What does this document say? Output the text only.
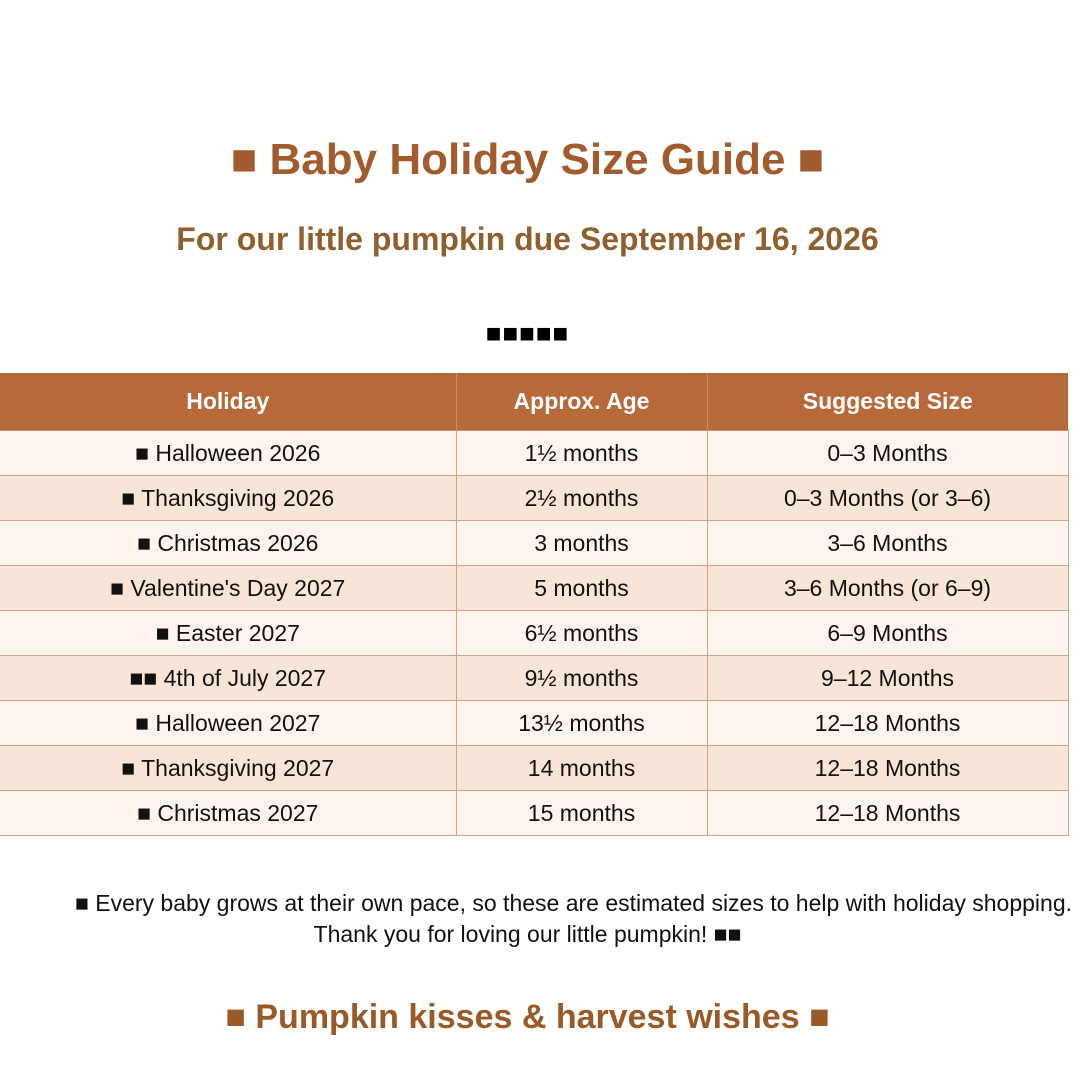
■ Baby Holiday Size Guide ■
For our little pumpkin due September 16, 2026
■■■■■
Holiday	Approx. Age	Suggested Size
■ Halloween 2026	1½ months	0–3 Months
■ Thanksgiving 2026	2½ months	0–3 Months (or 3–6)
■ Christmas 2026	3 months	3–6 Months
■ Valentine's Day 2027	5 months	3–6 Months (or 6–9)
■ Easter 2027	6½ months	6–9 Months
■■ 4th of July 2027	9½ months	9–12 Months
■ Halloween 2027	13½ months	12–18 Months
■ Thanksgiving 2027	14 months	12–18 Months
■ Christmas 2027	15 months	12–18 Months
■ Every baby grows at their own pace, so these are estimated sizes to help with holiday shopping.
Thank you for loving our little pumpkin! ■■
■ Pumpkin kisses & harvest wishes ■
